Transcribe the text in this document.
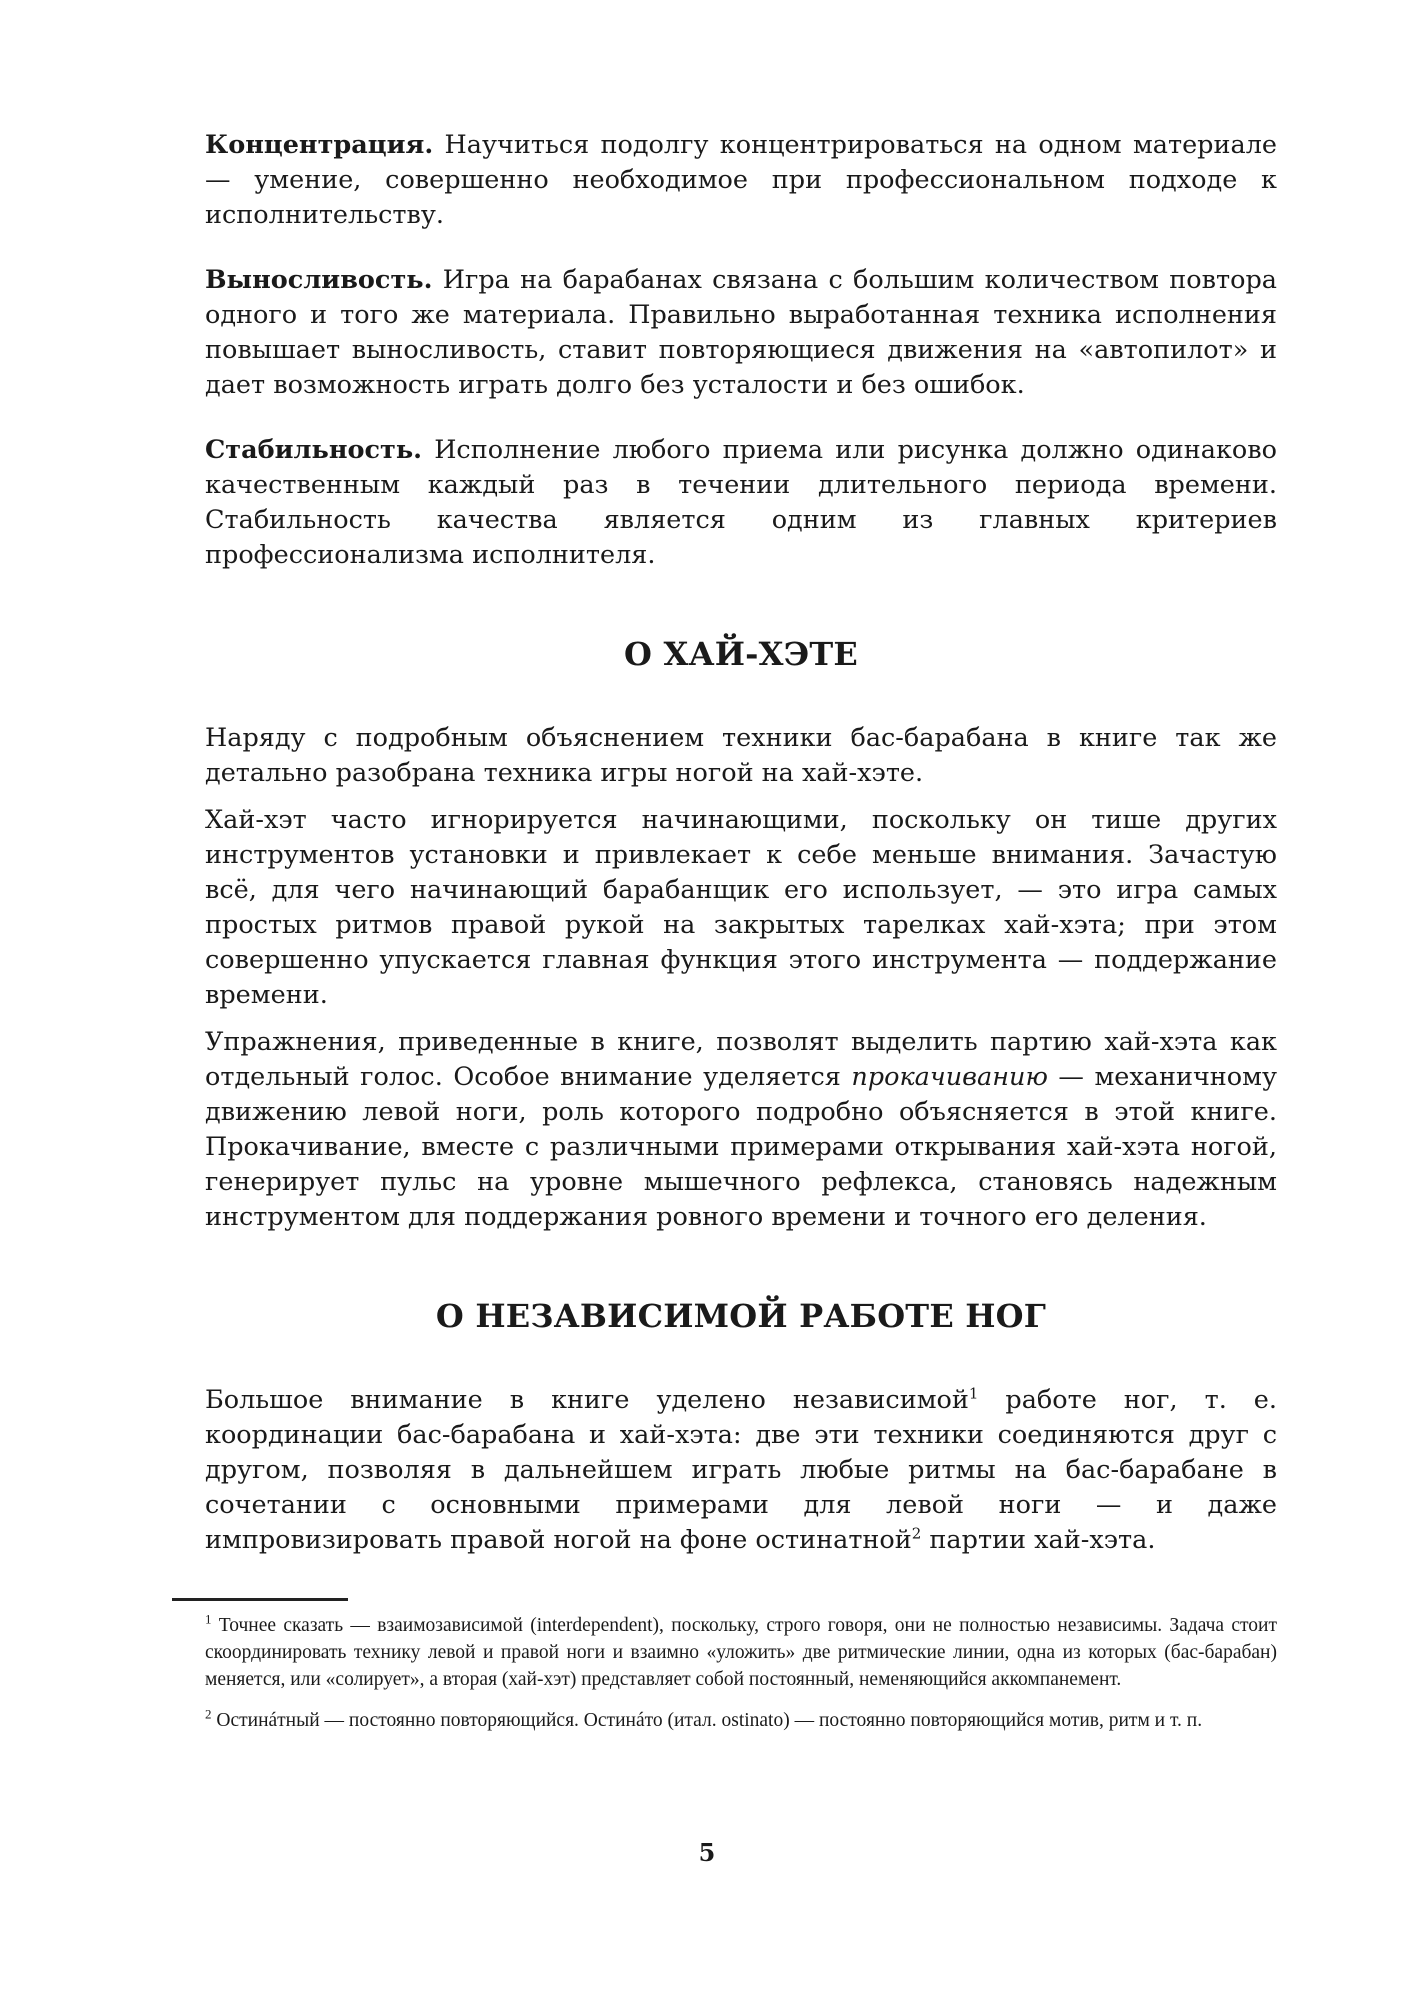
Концентрация. Научиться подолгу концентрироваться на одном материале — умение, совершенно необходимое при профессиональном подходе к исполнительству.

Выносливость. Игра на барабанах связана с большим количеством повтора одного и того же материала. Правильно выработанная техника исполнения повышает выносливость, ставит повторяющиеся движения на «автопилот» и дает возможность играть долго без усталости и без ошибок.

Стабильность. Исполнение любого приема или рисунка должно одинаково качественным каждый раз в течении длительного периода времени. Стабильность качества является одним из главных критериев профессионализма исполнителя.

О ХАЙ-ХЭТЕ

Наряду с подробным объяснением техники бас-барабана в книге так же детально разобрана техника игры ногой на хай-хэте.

Хай-хэт часто игнорируется начинающими, поскольку он тише других инструментов установки и привлекает к себе меньше внимания. Зачастую всё, для чего начинающий барабанщик его использует, — это игра самых простых ритмов правой рукой на закрытых тарелках хай-хэта; при этом совершенно упускается главная функция этого инструмента — поддержание времени.

Упражнения, приведенные в книге, позволят выделить партию хай-хэта как отдельный голос. Особое внимание уделяется прокачиванию — механичному движению левой ноги, роль которого подробно объясняется в этой книге. Прокачивание, вместе с различными примерами открывания хай-хэта ногой, генерирует пульс на уровне мышечного рефлекса, становясь надежным инструментом для поддержания ровного времени и точного его деления.

О НЕЗАВИСИМОЙ РАБОТЕ НОГ

Большое внимание в книге уделено независимой$^1$ работе ног, т. е. координации бас-барабана и хай-хэта: две эти техники соединяются друг с другом, позволяя в дальнейшем играть любые ритмы на бас-барабане в сочетании с основными примерами для левой ноги — и даже импровизировать правой ногой на фоне остинатной$^2$ партии хай-хэта.

$^1$ Точнее сказать — взаимозависимой (interdependent), поскольку, строго говоря, они не полностью независимы. Задача стоит скоординировать технику левой и правой ноги и взаимно «уложить» две ритмические линии, одна из которых (бас-барабан) меняется, или «солирует», а вторая (хай-хэт) представляет собой постоянный, неменяющийся аккомпанемент.

$^2$ Остинáтный — постоянно повторяющийся. Остинáто (итал. ostinato) — постоянно повторяющийся мотив, ритм и т. п.

5
